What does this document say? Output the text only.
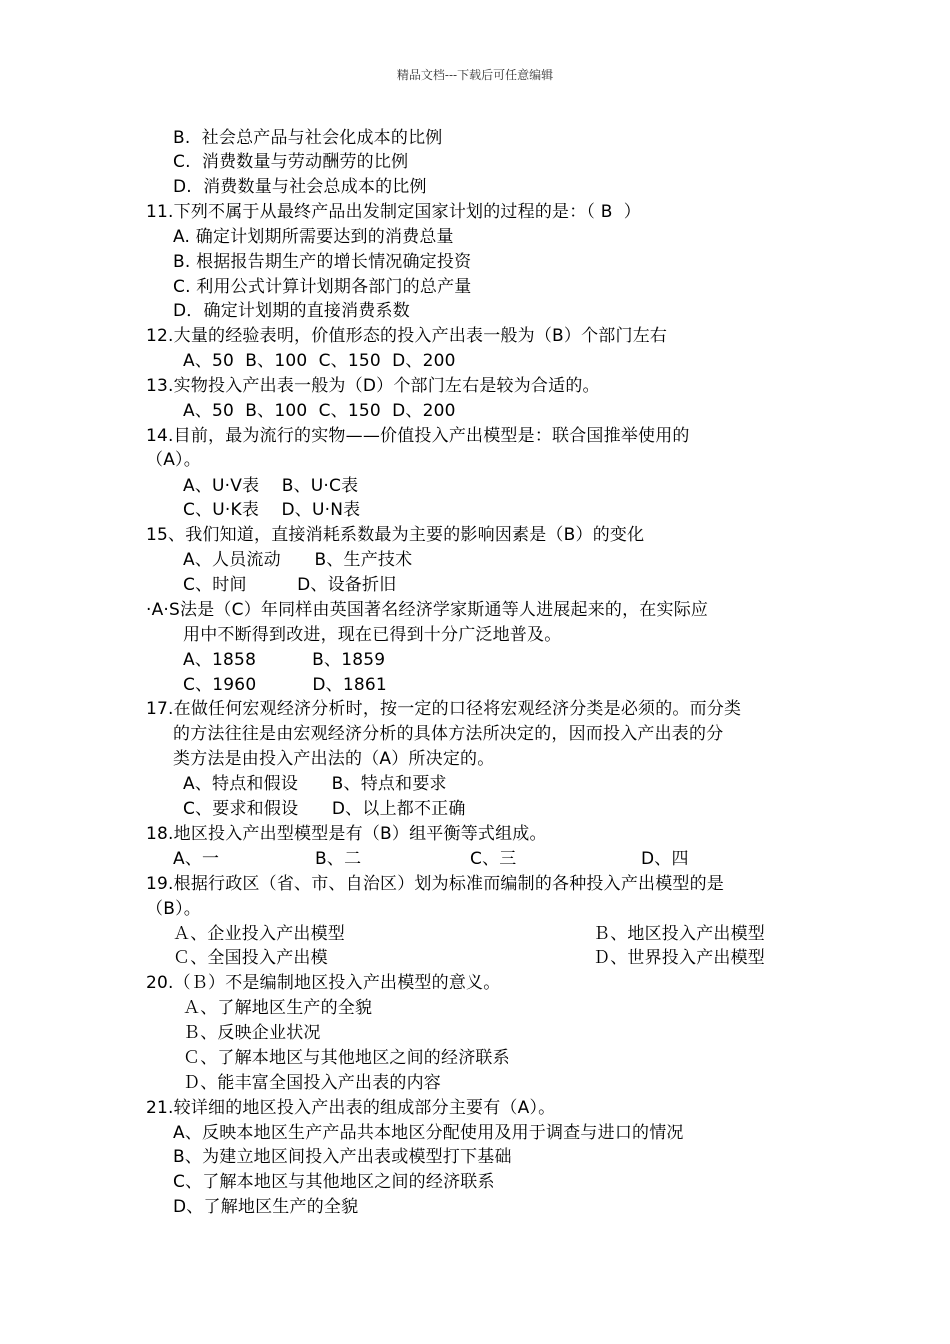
精品文档---下载后可任意编辑
B.  社会总产品与社会化成本的比例
C.  消费数量与劳动酬劳的比例
D.  消费数量与社会总成本的比例
11.下列不属于从最终产品出发制定国家计划的过程的是：（ B  ）
A. 确定计划期所需要达到的消费总量
B. 根据报告期生产的增长情况确定投资
C. 利用公式计算计划期各部门的总产量
D．确定计划期的直接消费系数
12.大量的经验表明，价值形态的投入产出表一般为（B）个部门左右
A、50  B、100  C、150  D、200
13.实物投入产出表一般为（D）个部门左右是较为合适的。
A、50  B、100  C、150  D、200
14.目前，最为流行的实物——价值投入产出模型是：联合国推举使用的
（A）。
A、U·V表    B、U·C表
C、U·K表    D、U·N表
15、我们知道，直接消耗系数最为主要的影响因素是（B）的变化
A、人员流动      B、生产技术
C、时间         D、设备折旧
·A·S法是（C）年同样由英国著名经济学家斯通等人进展起来的，在实际应
用中不断得到改进，现在已得到十分广泛地普及。
A、1858          B、1859
C、1960          D、1861
17.在做任何宏观经济分析时，按一定的口径将宏观经济分类是必须的。而分类
的方法往往是由宏观经济分析的具体方法所决定的，因而投入产出表的分
类方法是由投入产出法的（A）所决定的。
A、特点和假设      B、特点和要求
C、要求和假设      D、以上都不正确
18.地区投入产出型模型是有（B）组平衡等式组成。
A、一	B、二	C、三	D、四
19.根据行政区（省、市、自治区）划为标准而编制的各种投入产出模型的是
（B）。
Ａ、企业投入产出模型	Ｂ、地区投入产出模型
Ｃ、全国投入产出模	Ｄ、世界投入产出模型
20.（Ｂ）不是编制地区投入产出模型的意义。
Ａ、了解地区生产的全貌
Ｂ、反映企业状况
Ｃ、了解本地区与其他地区之间的经济联系
Ｄ、能丰富全国投入产出表的内容
21.较详细的地区投入产出表的组成部分主要有（A）。
A、反映本地区生产产品共本地区分配使用及用于调查与进口的情况
B、为建立地区间投入产出表或模型打下基础
C、了解本地区与其他地区之间的经济联系
D、了解地区生产的全貌
